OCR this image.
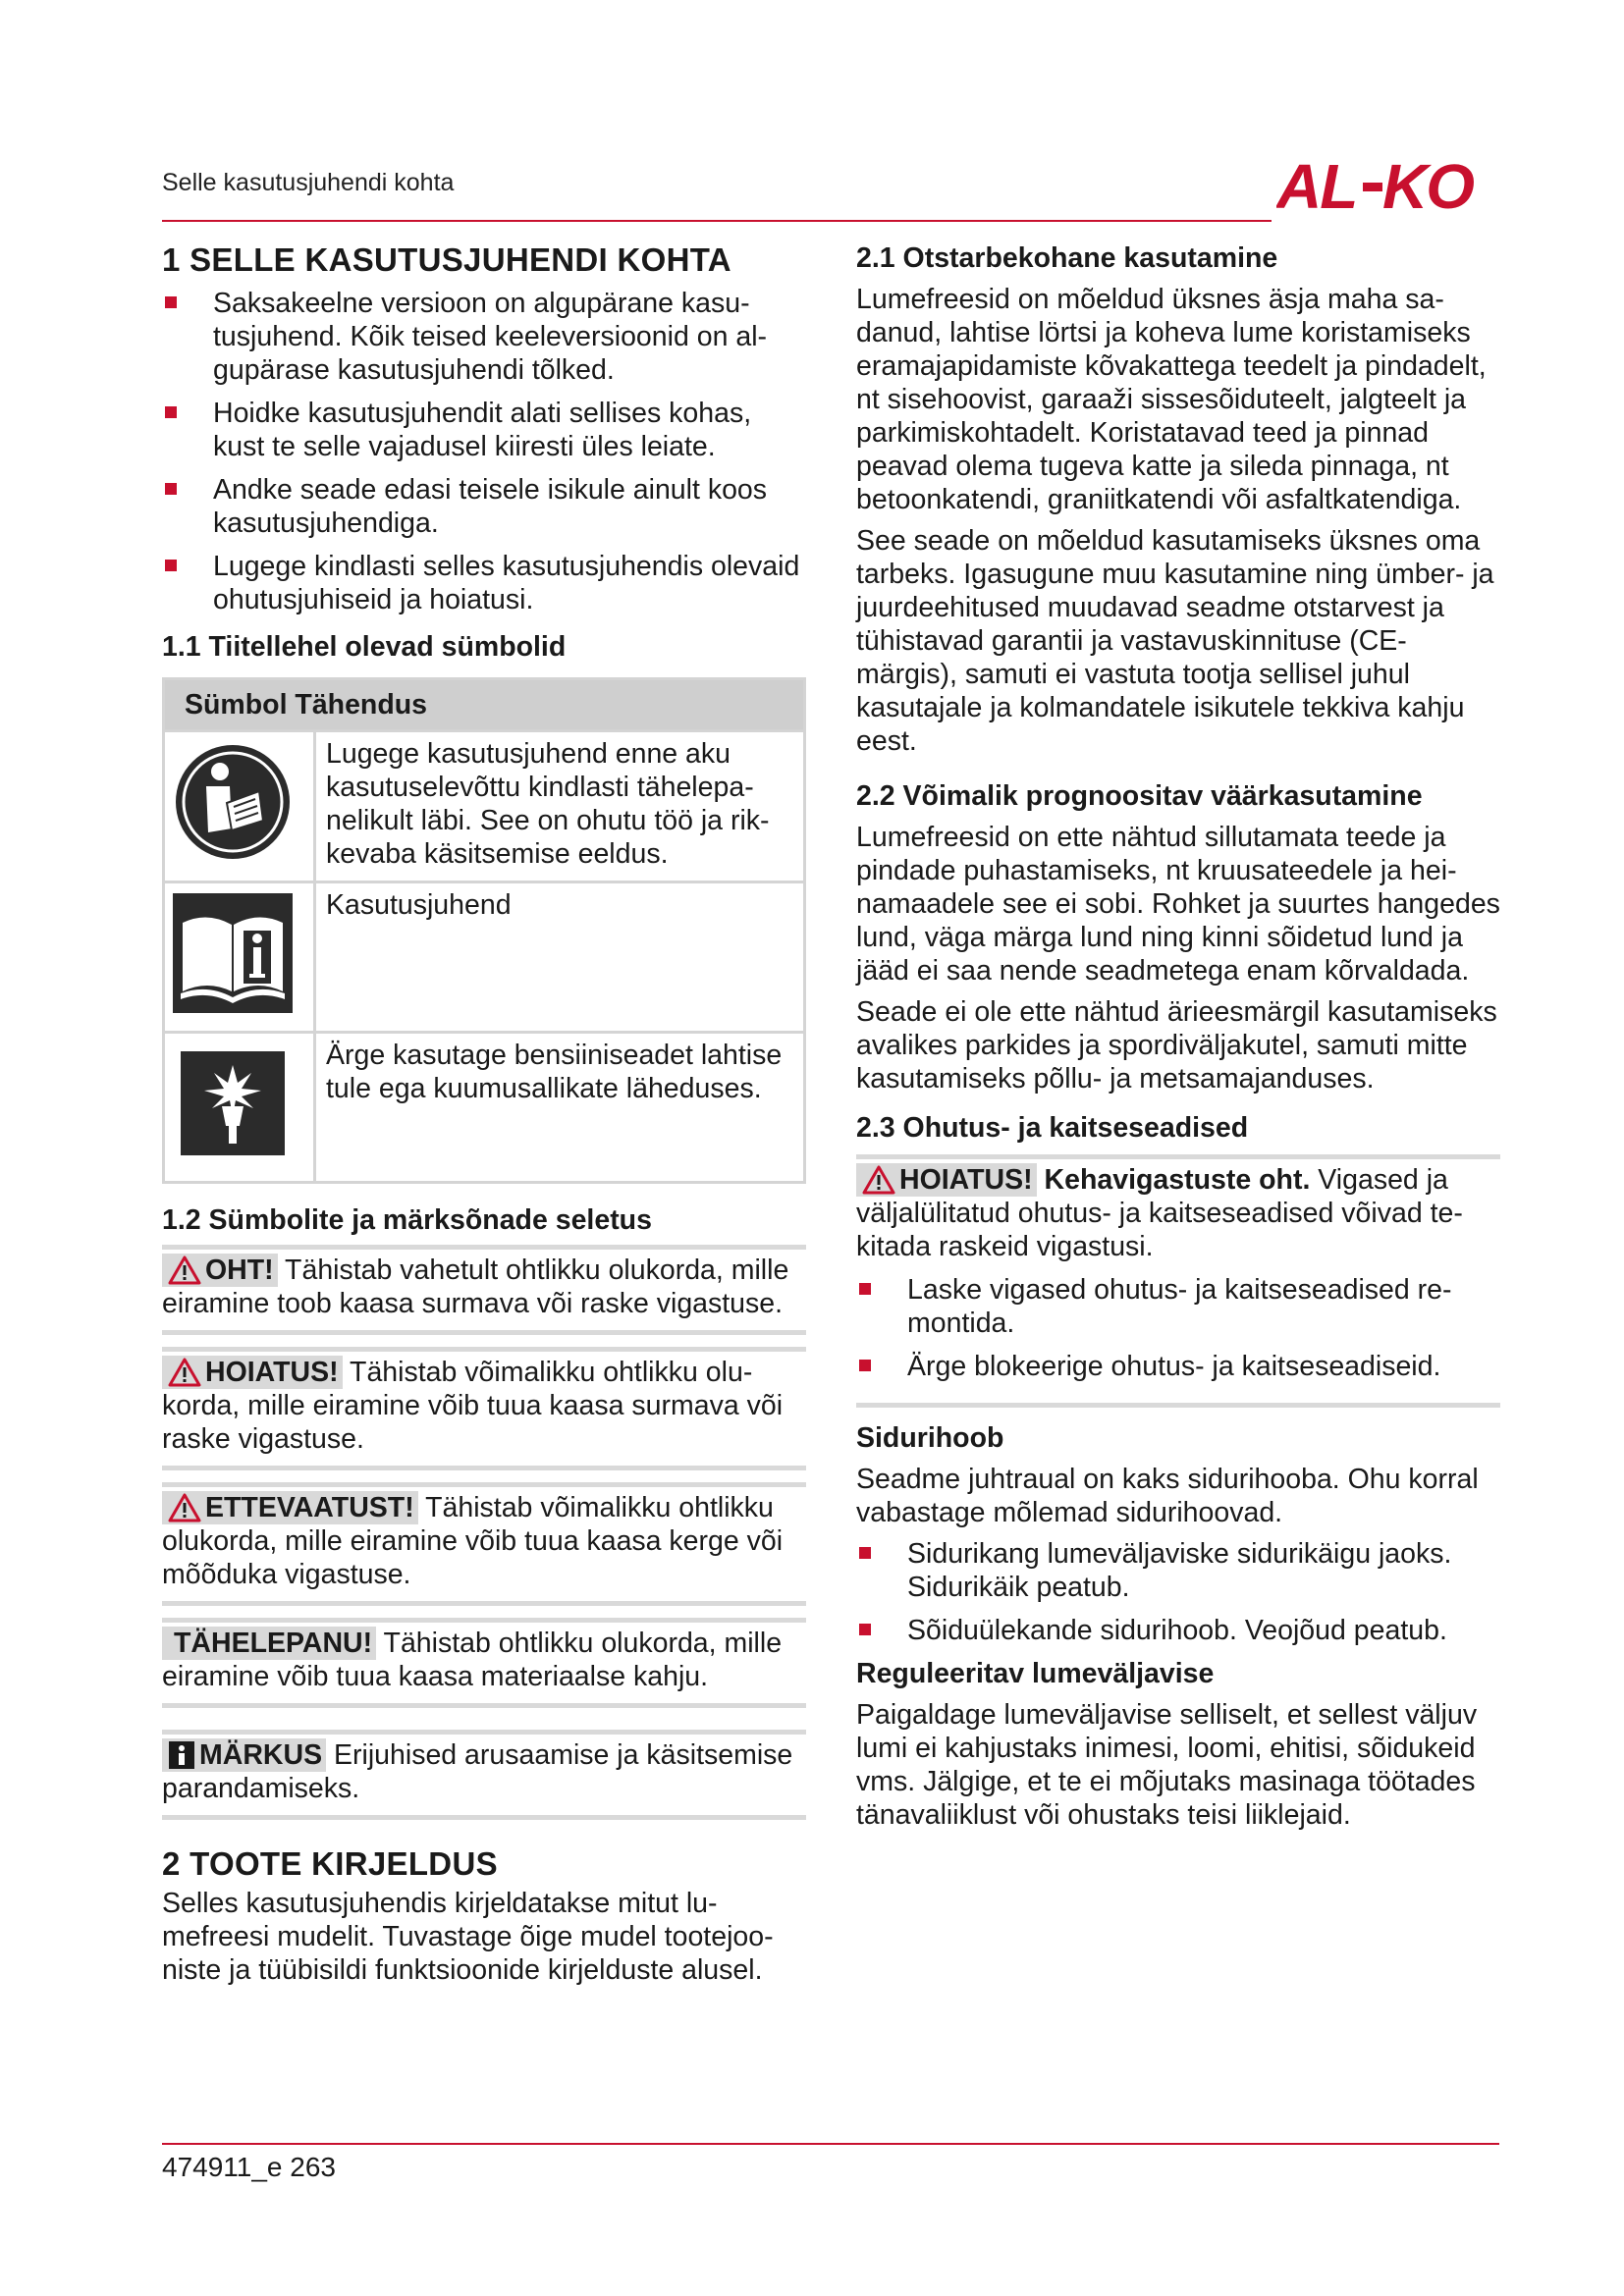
Selle kasutusjuhendi kohta	AL KO
1 SELLE KASUTUSJUHENDI KOHTA
Saksakeelne versioon on algupärane kasutusjuhend. Kõik teised keeleversioonid on algupärase kasutusjuhendi tõlked.
Hoidke kasutusjuhendit alati sellises kohas, kust te selle vajadusel kiiresti üles leiate.
Andke seade edasi teisele isikule ainult koos kasutusjuhendiga.
Lugege kindlasti selles kasutusjuhendis olevaid ohutusjuhiseid ja hoiatusi.
1.1 Tiitellehel olevad sümbolid
Sümbol Tähendus	
	Lugege kasutusjuhend enne aku kasutuselevõttu kindlasti tähelepanelikult läbi. See on ohutu töö ja rikkevaba käsitsemise eeldus.
	Kasutusjuhend
	Ärge kasutage bensiiniseadet lahtise tule ega kuumusallikate läheduses.
1.2 Sümbolite ja märksõnade seletus
OHT! Tähistab vahetult ohtlikku olukorda, mille eiramine toob kaasa surmava või raske vigastuse.
HOIATUS! Tähistab võimalikku ohtlikku olukorda, mille eiramine võib tuua kaasa surmava või raske vigastuse.
ETTEVAATUST! Tähistab võimalikku ohtlikku olukorda, mille eiramine võib tuua kaasa kerge või mõõduka vigastuse.
TÄHELEPANU! Tähistab ohtlikku olukorda, mille eiramine võib tuua kaasa materiaalse kahju.
MÄRKUS Erijuhised arusaamise ja käsitsemise parandamiseks.
2 TOOTE KIRJELDUS

Selles kasutusjuhendis kirjeldatakse mitut lumefreesi mudelit. Tuvastage õige mudel tootejooniste ja tüübisildi funktsioonide kirjelduste alusel.

2.1 Otstarbekohane kasutamine

Lumefreesid on mõeldud üksnes äsja maha sadanud, lahtise lörtsi ja koheva lume koristamiseks eramajapidamiste kõvakattega teedelt ja pindadelt, nt sisehoovist, garaaži sissesõiduteelt, jalgteelt ja parkimiskohtadelt. Koristatavad teed ja pinnad peavad olema tugeva katte ja sileda pinnaga, nt betoonkatendi, graniitkatendi või asfaltkatendiga.

See seade on mõeldud kasutamiseks üksnes oma tarbeks. Igasugune muu kasutamine ning ümber- ja juurdeehitused muudavad seadme otstarvest ja tühistavad garantii ja vastavuskinnituse (CE-märgis), samuti ei vastuta tootja sellisel juhul kasutajale ja kolmandatele isikutele tekkiva kahju eest.

2.2 Võimalik prognoositav väärkasutamine

Lumefreesid on ette nähtud sillutamata teede ja pindade puhastamiseks, nt kruusateedele ja heinamaadele see ei sobi. Rohket ja suurtes hangedes lund, väga märga lund ning kinni sõidetud lund ja jääd ei saa nende seadmetega enam kõrvaldada.

Seade ei ole ette nähtud ärieesmärgil kasutamiseks avalikes parkides ja spordiväljakutel, samuti mitte kasutamiseks põllu- ja metsamajanduses.

2.3 Ohutus- ja kaitseseadised
HOIATUS! Kehavigastuste oht. Vigased ja väljalülitatud ohutus- ja kaitseseadised võivad tekitada raskeid vigastusi.
Laske vigased ohutus- ja kaitseseadised remontida.
Ärge blokeerige ohutus- ja kaitseseadiseid.
Sidurihoob

Seadme juhtraual on kaks sidurihooba. Ohu korral vabastage mõlemad sidurihoovad.

Sidurikang lumeväljaviske sidurikäigu jaoks. Sidurikäik peatub.
Sõiduülekande sidurihoob. Veojõud peatub.
Reguleeritav lumeväljavise

Paigaldage lumeväljavise selliselt, et sellest väljuv lumi ei kahjustaks inimesi, loomi, ehitisi, sõidukeid vms. Jälgige, et te ei mõjutaks masinaga töötades tänavaliiklust või ohustaks teisi liiklejaid.

474911_e 263
